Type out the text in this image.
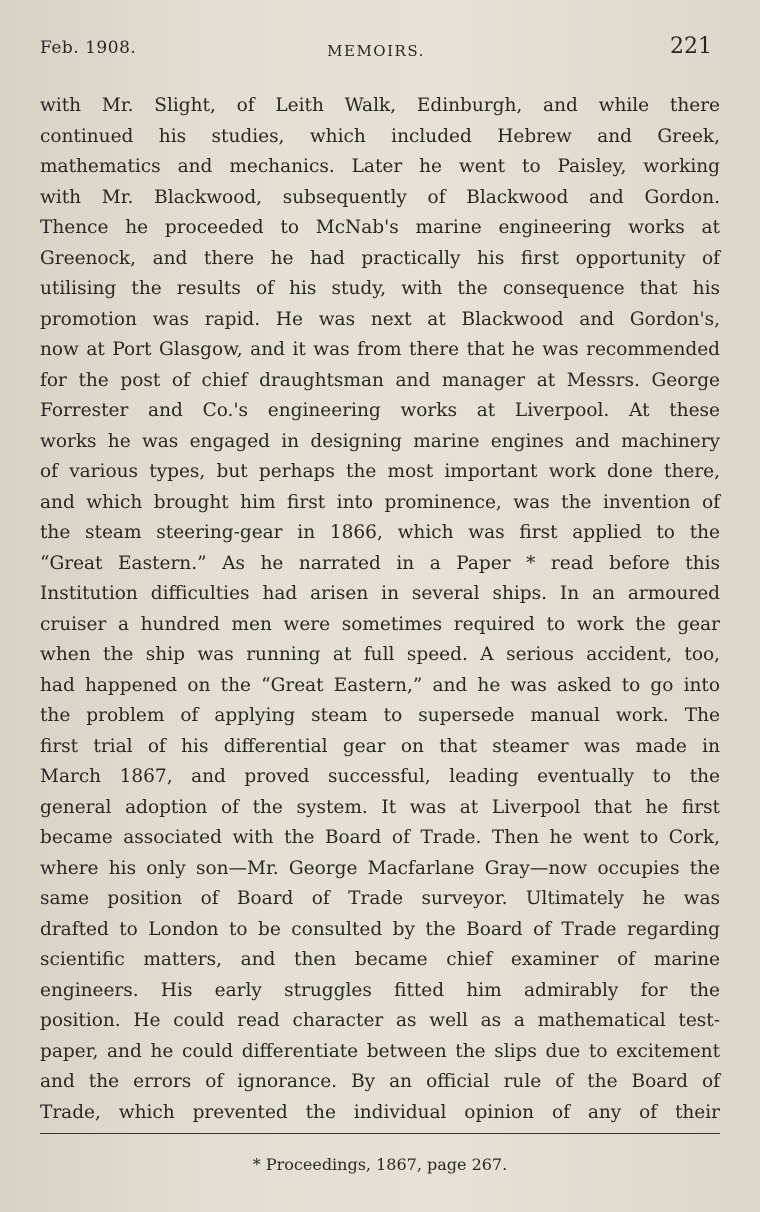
Feb. 1908.	MEMOIRS.	221
with Mr. Slight, of Leith Walk, Edinburgh, and while there
continued his studies, which included Hebrew and Greek,
mathematics and mechanics. Later he went to Paisley, working
with Mr. Blackwood, subsequently of Blackwood and Gordon.
Thence he proceeded to McNab's marine engineering works at
Greenock, and there he had practically his first opportunity of
utilising the results of his study, with the consequence that his
promotion was rapid. He was next at Blackwood and Gordon's,
now at Port Glasgow, and it was from there that he was recommended
for the post of chief draughtsman and manager at Messrs. George
Forrester and Co.'s engineering works at Liverpool. At these
works he was engaged in designing marine engines and machinery
of various types, but perhaps the most important work done there,
and which brought him first into prominence, was the invention of
the steam steering-gear in 1866, which was first applied to the
“Great Eastern.” As he narrated in a Paper * read before this
Institution difficulties had arisen in several ships. In an armoured
cruiser a hundred men were sometimes required to work the gear
when the ship was running at full speed. A serious accident, too,
had happened on the “Great Eastern,” and he was asked to go into
the problem of applying steam to supersede manual work. The
first trial of his differential gear on that steamer was made in
March 1867, and proved successful, leading eventually to the
general adoption of the system. It was at Liverpool that he first
became associated with the Board of Trade. Then he went to Cork,
where his only son—Mr. George Macfarlane Gray—now occupies the
same position of Board of Trade surveyor. Ultimately he was
drafted to London to be consulted by the Board of Trade regarding
scientific matters, and then became chief examiner of marine
engineers. His early struggles fitted him admirably for the
position. He could read character as well as a mathematical test-
paper, and he could differentiate between the slips due to excitement
and the errors of ignorance. By an official rule of the Board of
Trade, which prevented the individual opinion of any of their
* Proceedings, 1867, page 267.
